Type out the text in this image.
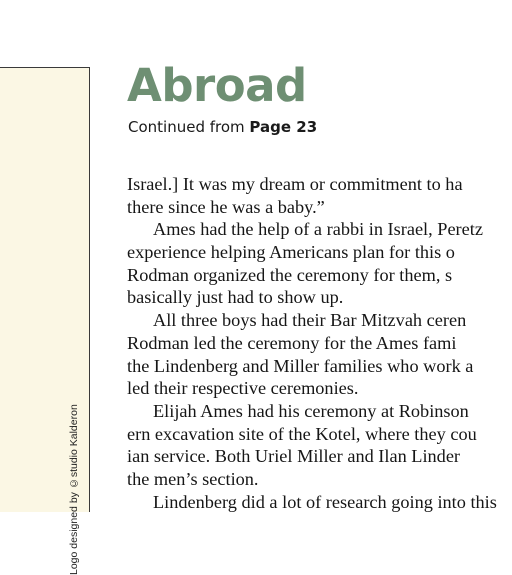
Logo designed by ©studio Kalderon
Abroad

Continued from Page 23

Israel.] It was my dream or commitment to ha
there since he was a baby.”
Ames had the help of a rabbi in Israel, Peretz
experience helping Americans plan for this o
Rodman organized the ceremony for them, s
basically just had to show up.
All three boys had their Bar Mitzvah ceren
Rodman led the ceremony for the Ames fami
the Lindenberg and Miller families who work a
led their respective ceremonies.
Elijah Ames had his ceremony at Robinson
ern excavation site of the Kotel, where they cou
ian service. Both Uriel Miller and Ilan Linder
the men’s section.
Lindenberg did a lot of research going into this
